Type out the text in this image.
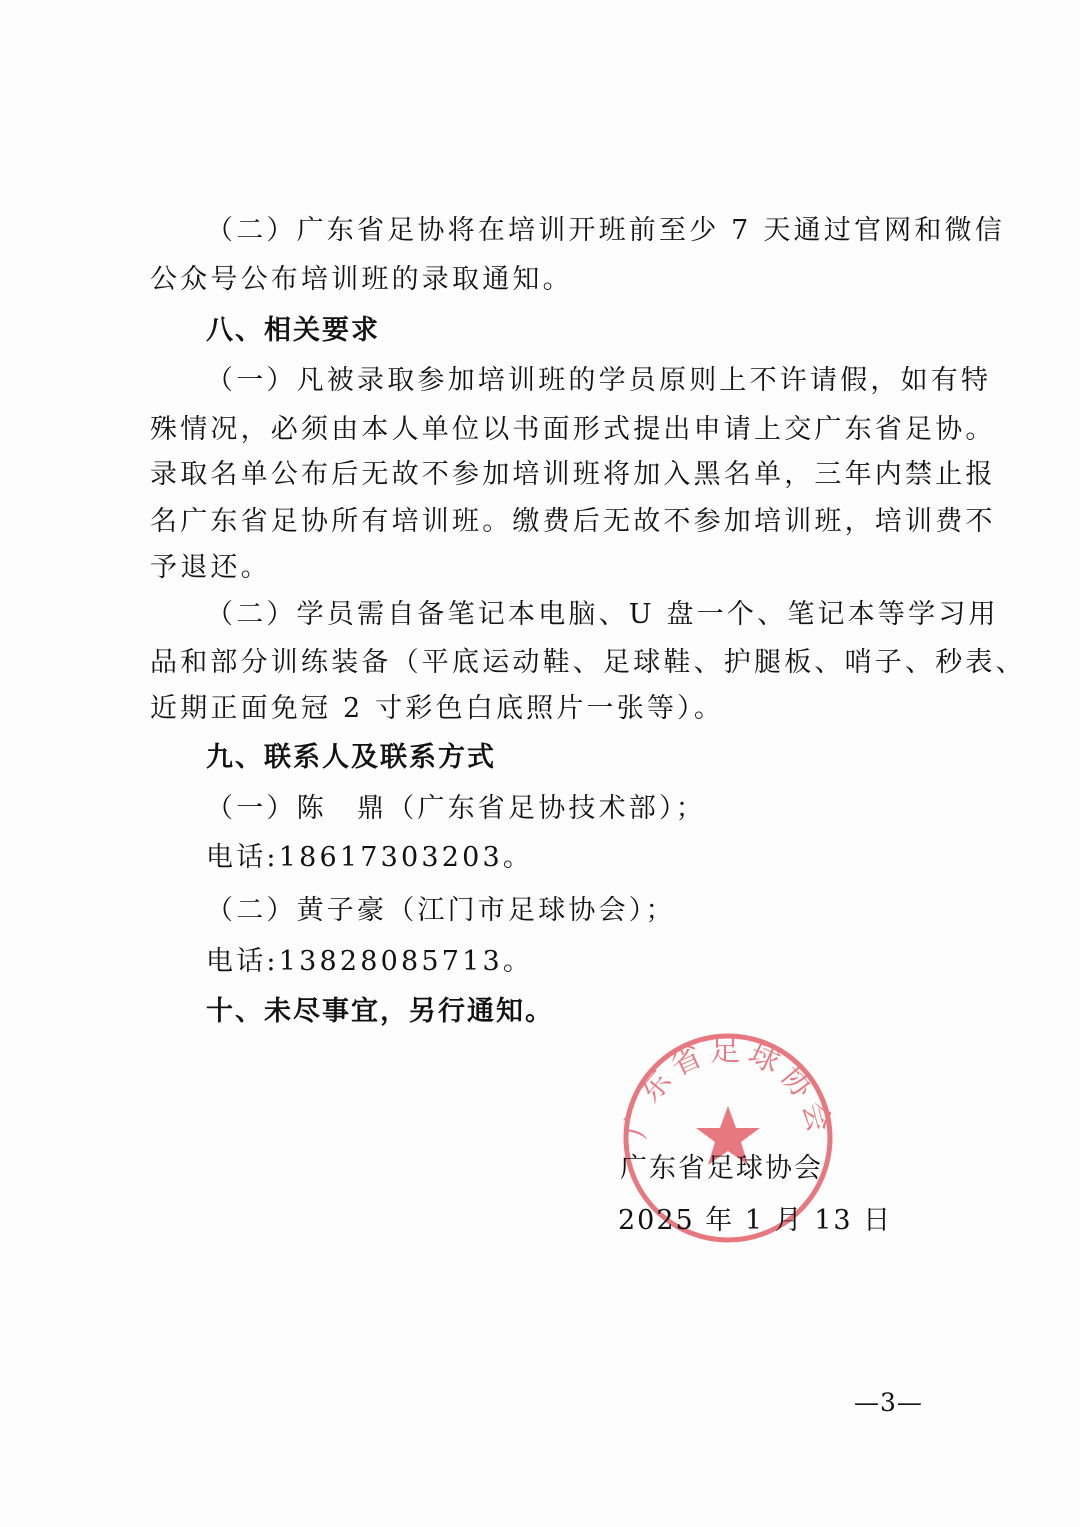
（二）广东省足协将在培训开班前至少 7 天通过官网和微信
公众号公布培训班的录取通知。
八、相关要求
（一）凡被录取参加培训班的学员原则上不许请假，如有特
殊情况，必须由本人单位以书面形式提出申请上交广东省足协。
录取名单公布后无故不参加培训班将加入黑名单，三年内禁止报
名广东省足协所有培训班。缴费后无故不参加培训班，培训费不
予退还。
（二）学员需自备笔记本电脑、U 盘一个、笔记本等学习用
品和部分训练装备（平底运动鞋、足球鞋、护腿板、哨子、秒表、
近期正面免冠 2 寸彩色白底照片一张等）。
九、联系人及联系方式
（一）陈　鼎（广东省足协技术部）；
电话:18617303203。
（二）黄子豪（江门市足球协会）；
电话:13828085713。
十、未尽事宜，另行通知。
广东省足球协会
广东省足球协会
2025 年 1 月 13 日
—3—
